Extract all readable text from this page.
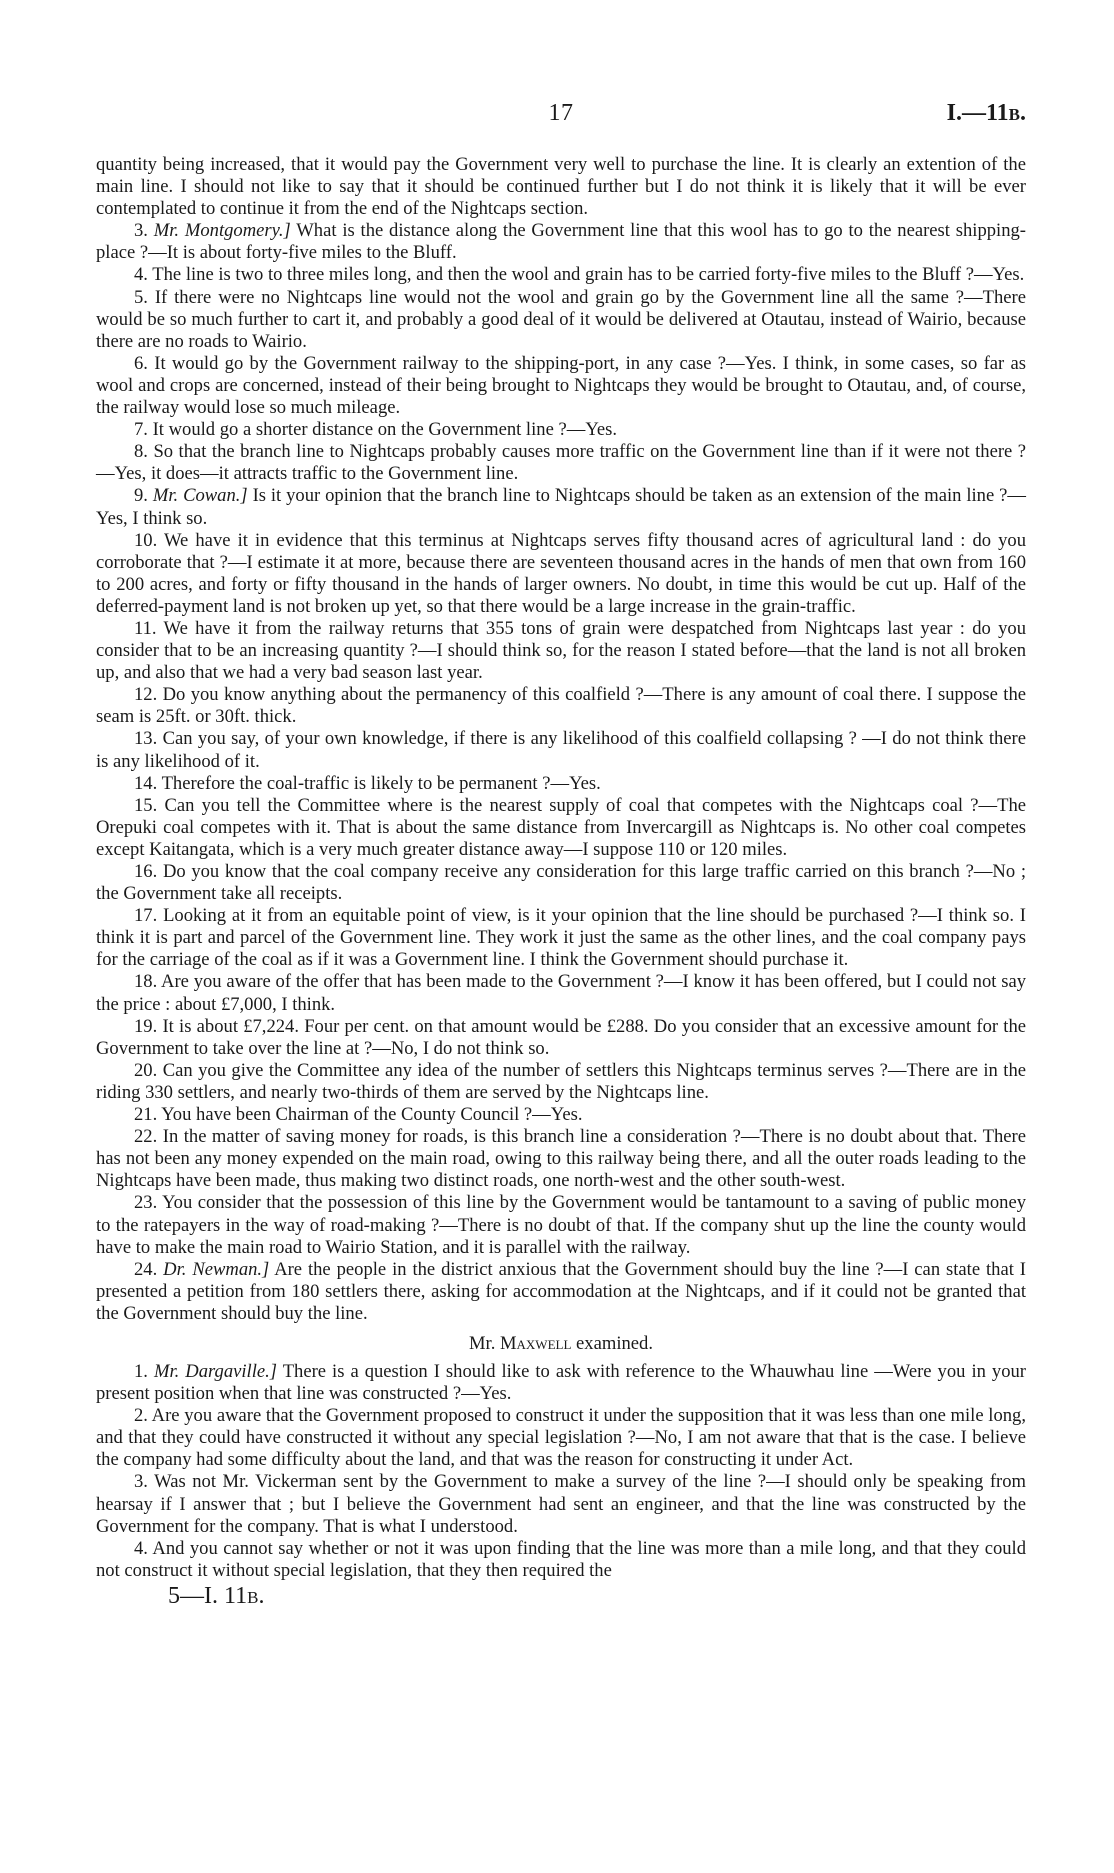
17	I.—11b.

quantity being increased, that it would pay the Government very well to purchase the line. It is clearly an extention of the main line. I should not like to say that it should be continued further but I do not think it is likely that it will be ever contemplated to continue it from the end of the Nightcaps section.

3. Mr. Montgomery.] What is the distance along the Government line that this wool has to go to the nearest shipping-place ?—It is about forty-five miles to the Bluff.

4. The line is two to three miles long, and then the wool and grain has to be carried forty-five miles to the Bluff ?—Yes.

5. If there were no Nightcaps line would not the wool and grain go by the Government line all the same ?—There would be so much further to cart it, and probably a good deal of it would be delivered at Otautau, instead of Wairio, because there are no roads to Wairio.

6. It would go by the Government railway to the shipping-port, in any case ?—Yes. I think, in some cases, so far as wool and crops are concerned, instead of their being brought to Nightcaps they would be brought to Otautau, and, of course, the railway would lose so much mileage.

7. It would go a shorter distance on the Government line ?—Yes.

8. So that the branch line to Nightcaps probably causes more traffic on the Government line than if it were not there ?—Yes, it does—it attracts traffic to the Government line.

9. Mr. Cowan.] Is it your opinion that the branch line to Nightcaps should be taken as an extension of the main line ?—Yes, I think so.

10. We have it in evidence that this terminus at Nightcaps serves fifty thousand acres of agricultural land : do you corroborate that ?—I estimate it at more, because there are seventeen thousand acres in the hands of men that own from 160 to 200 acres, and forty or fifty thousand in the hands of larger owners. No doubt, in time this would be cut up. Half of the deferred-payment land is not broken up yet, so that there would be a large increase in the grain-traffic.

11. We have it from the railway returns that 355 tons of grain were despatched from Nightcaps last year : do you consider that to be an increasing quantity ?—I should think so, for the reason I stated before—that the land is not all broken up, and also that we had a very bad season last year.

12. Do you know anything about the permanency of this coalfield ?—There is any amount of coal there. I suppose the seam is 25ft. or 30ft. thick.

13. Can you say, of your own knowledge, if there is any likelihood of this coalfield collapsing ? —I do not think there is any likelihood of it.

14. Therefore the coal-traffic is likely to be permanent ?—Yes.

15. Can you tell the Committee where is the nearest supply of coal that competes with the Nightcaps coal ?—The Orepuki coal competes with it. That is about the same distance from Invercargill as Nightcaps is. No other coal competes except Kaitangata, which is a very much greater distance away—I suppose 110 or 120 miles.

16. Do you know that the coal company receive any consideration for this large traffic carried on this branch ?—No ; the Government take all receipts.

17. Looking at it from an equitable point of view, is it your opinion that the line should be purchased ?—I think so. I think it is part and parcel of the Government line. They work it just the same as the other lines, and the coal company pays for the carriage of the coal as if it was a Government line. I think the Government should purchase it.

18. Are you aware of the offer that has been made to the Government ?—I know it has been offered, but I could not say the price : about £7,000, I think.

19. It is about £7,224. Four per cent. on that amount would be £288. Do you consider that an excessive amount for the Government to take over the line at ?—No, I do not think so.

20. Can you give the Committee any idea of the number of settlers this Nightcaps terminus serves ?—There are in the riding 330 settlers, and nearly two-thirds of them are served by the Nightcaps line.

21. You have been Chairman of the County Council ?—Yes.

22. In the matter of saving money for roads, is this branch line a consideration ?—There is no doubt about that. There has not been any money expended on the main road, owing to this railway being there, and all the outer roads leading to the Nightcaps have been made, thus making two distinct roads, one north-west and the other south-west.

23. You consider that the possession of this line by the Government would be tantamount to a saving of public money to the ratepayers in the way of road-making ?—There is no doubt of that. If the company shut up the line the county would have to make the main road to Wairio Station, and it is parallel with the railway.

24. Dr. Newman.] Are the people in the district anxious that the Government should buy the line ?—I can state that I presented a petition from 180 settlers there, asking for accommodation at the Nightcaps, and if it could not be granted that the Government should buy the line.

Mr. Maxwell examined.

1. Mr. Dargaville.] There is a question I should like to ask with reference to the Whauwhau line —Were you in your present position when that line was constructed ?—Yes.

2. Are you aware that the Government proposed to construct it under the supposition that it was less than one mile long, and that they could have constructed it without any special legislation ?—No, I am not aware that that is the case. I believe the company had some difficulty about the land, and that was the reason for constructing it under Act.

3. Was not Mr. Vickerman sent by the Government to make a survey of the line ?—I should only be speaking from hearsay if I answer that ; but I believe the Government had sent an engineer, and that the line was constructed by the Government for the company. That is what I understood.

4. And you cannot say whether or not it was upon finding that the line was more than a mile long, and that they could not construct it without special legislation, that they then required the

5—I. 11b.
